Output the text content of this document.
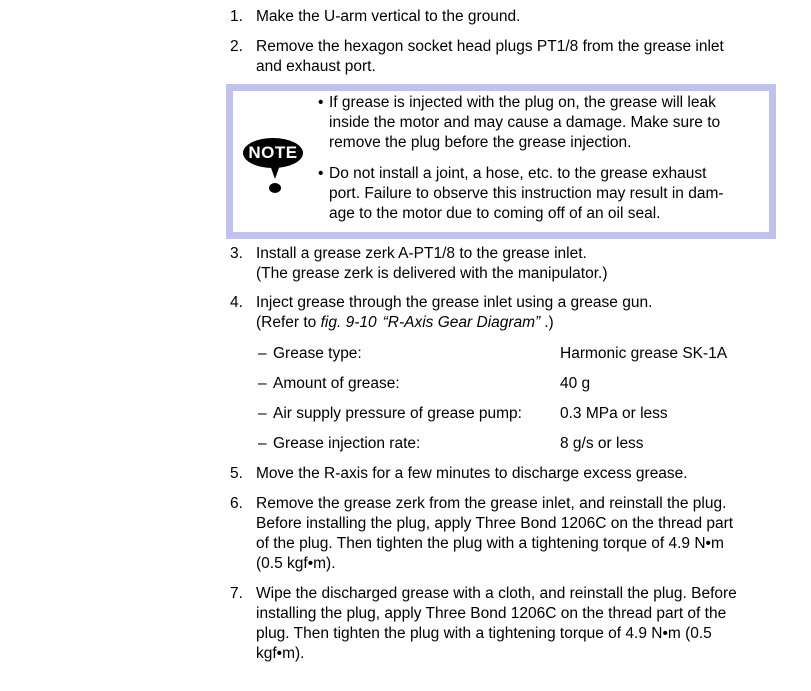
1. Make the U-arm vertical to the ground.
2. Remove the hexagon socket head plugs PT1/8 from the grease inlet
and exhaust port.
NOTE
• If grease is injected with the plug on, the grease will leak
inside the motor and may cause a damage. Make sure to
remove the plug before the grease injection.
• Do not install a joint, a hose, etc. to the grease exhaust
port. Failure to observe this instruction may result in dam-
age to the motor due to coming off of an oil seal.
3. Install a grease zerk A-PT1/8 to the grease inlet.
(The grease zerk is delivered with the manipulator.)
4. Inject grease through the grease inlet using a grease gun.
(Refer to fig. 9-10 “R-Axis Gear Diagram” .)
– Grease type:	Harmonic grease SK-1A
– Amount of grease:	40 g
– Air supply pressure of grease pump: 0.3 MPa or less
– Grease injection rate:	8 g/s or less
5. Move the R-axis for a few minutes to discharge excess grease.
6. Remove the grease zerk from the grease inlet, and reinstall the plug.
Before installing the plug, apply Three Bond 1206C on the thread part
of the plug. Then tighten the plug with a tightening torque of 4.9 N•m
(0.5 kgf•m).
7. Wipe the discharged grease with a cloth, and reinstall the plug. Before
installing the plug, apply Three Bond 1206C on the thread part of the
plug. Then tighten the plug with a tightening torque of 4.9 N•m (0.5
kgf•m).
